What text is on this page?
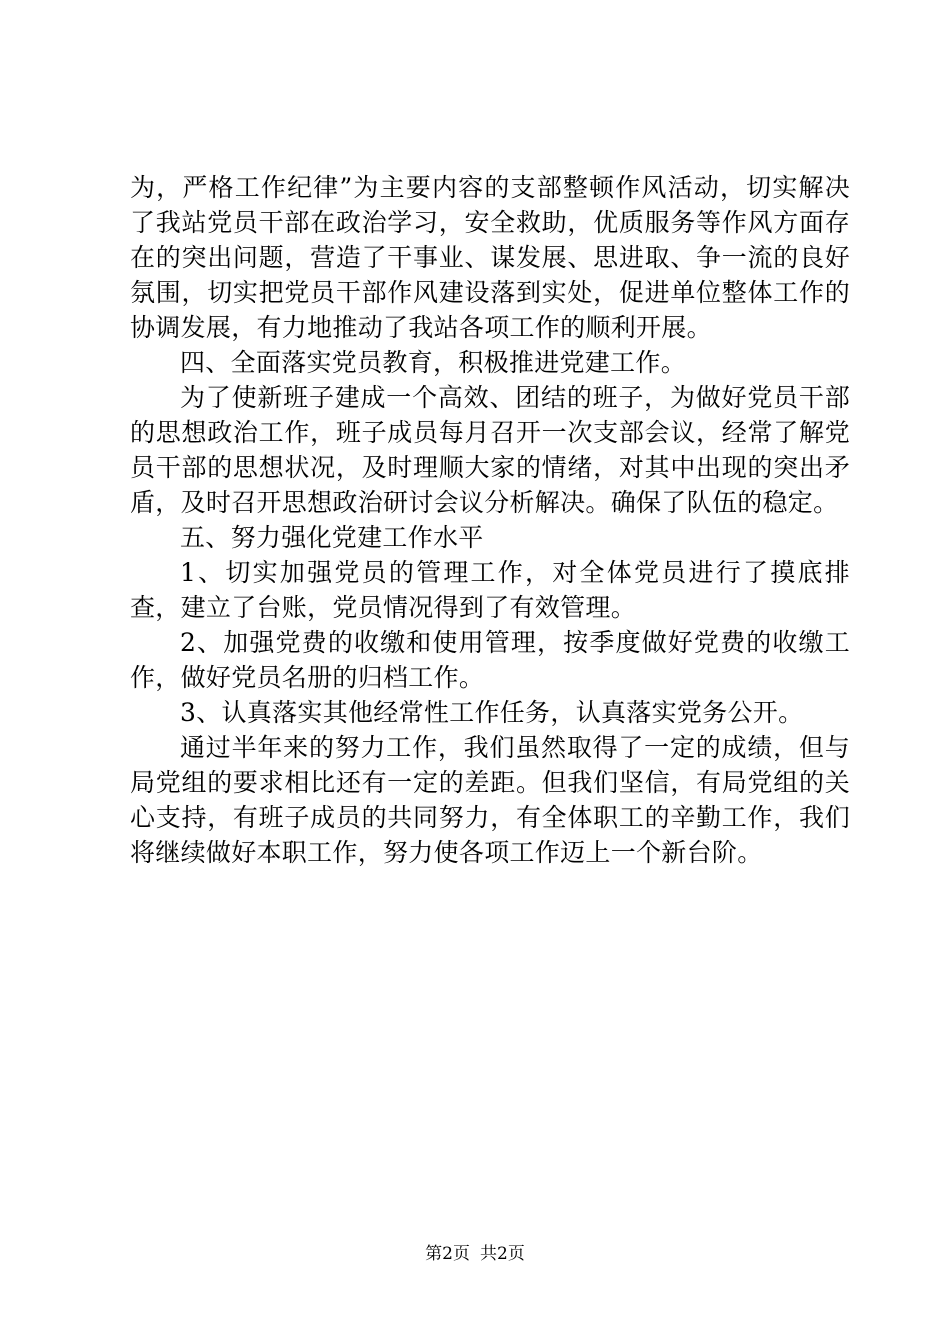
为，严格工作纪律”为主要内容的支部整顿作风活动，切实解决了我站党员干部在政治学习，安全救助，优质服务等作风方面存在的突出问题，营造了干事业、谋发展、思进取、争一流的良好氛围，切实把党员干部作风建设落到实处，促进单位整体工作的协调发展，有力地推动了我站各项工作的顺利开展。

四、全面落实党员教育，积极推进党建工作。

为了使新班子建成一个高效、团结的班子，为做好党员干部的思想政治工作，班子成员每月召开一次支部会议，经常了解党员干部的思想状况，及时理顺大家的情绪，对其中出现的突出矛盾，及时召开思想政治研讨会议分析解决。确保了队伍的稳定。

五、努力强化党建工作水平

1、切实加强党员的管理工作，对全体党员进行了摸底排查，建立了台账，党员情况得到了有效管理。

2、加强党费的收缴和使用管理，按季度做好党费的收缴工作，做好党员名册的归档工作。

3、认真落实其他经常性工作任务，认真落实党务公开。

通过半年来的努力工作，我们虽然取得了一定的成绩，但与局党组的要求相比还有一定的差距。但我们坚信，有局党组的关心支持，有班子成员的共同努力，有全体职工的辛勤工作，我们将继续做好本职工作，努力使各项工作迈上一个新台阶。

第2页 共2页
